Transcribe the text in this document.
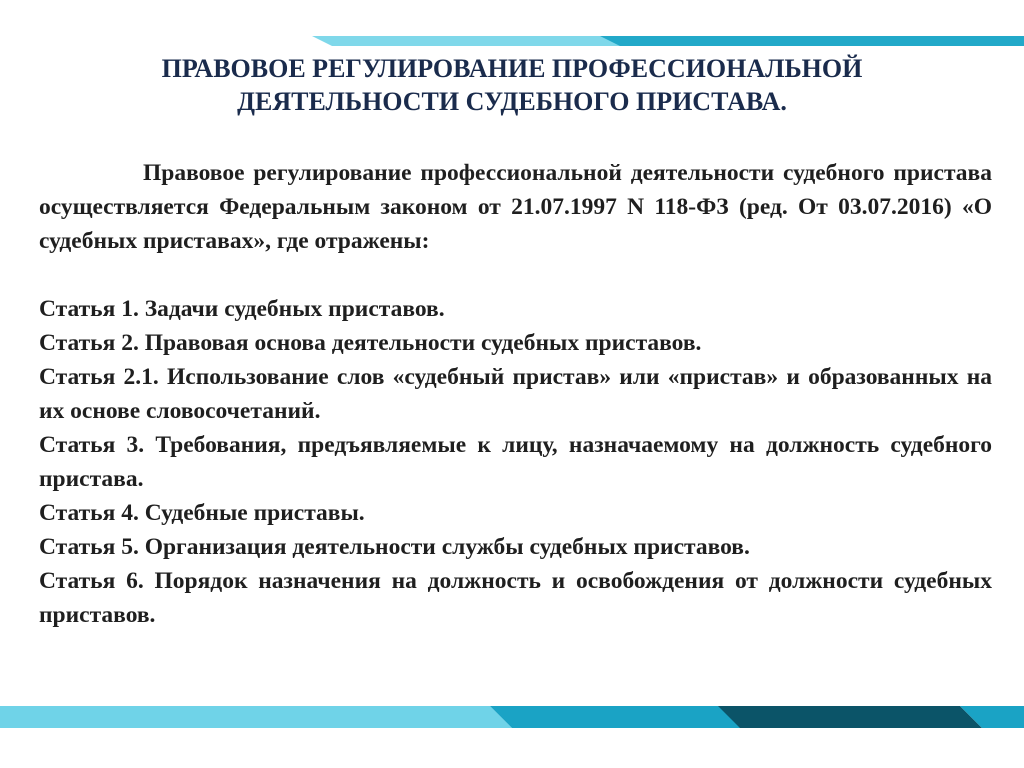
ПРАВОВОЕ РЕГУЛИРОВАНИЕ ПРОФЕССИОНАЛЬНОЙ
ДЕЯТЕЛЬНОСТИ СУДЕБНОГО ПРИСТАВА.

Правовое регулирование профессиональной деятельности судебного пристава осуществляется Федеральным законом от 21.07.1997 N 118-ФЗ (ред. От 03.07.2016) «О судебных приставах», где отражены:

Статья 1. Задачи судебных приставов.

Статья 2. Правовая основа деятельности судебных приставов.

Статья 2.1. Использование слов «судебный пристав» или «пристав» и образованных на их основе словосочетаний.

Статья 3. Требования, предъявляемые к лицу, назначаемому на должность судебного пристава.

Статья 4. Судебные приставы.

Статья 5. Организация деятельности службы судебных приставов.

Статья 6. Порядок назначения на должность и освобождения от должности судебных приставов.
